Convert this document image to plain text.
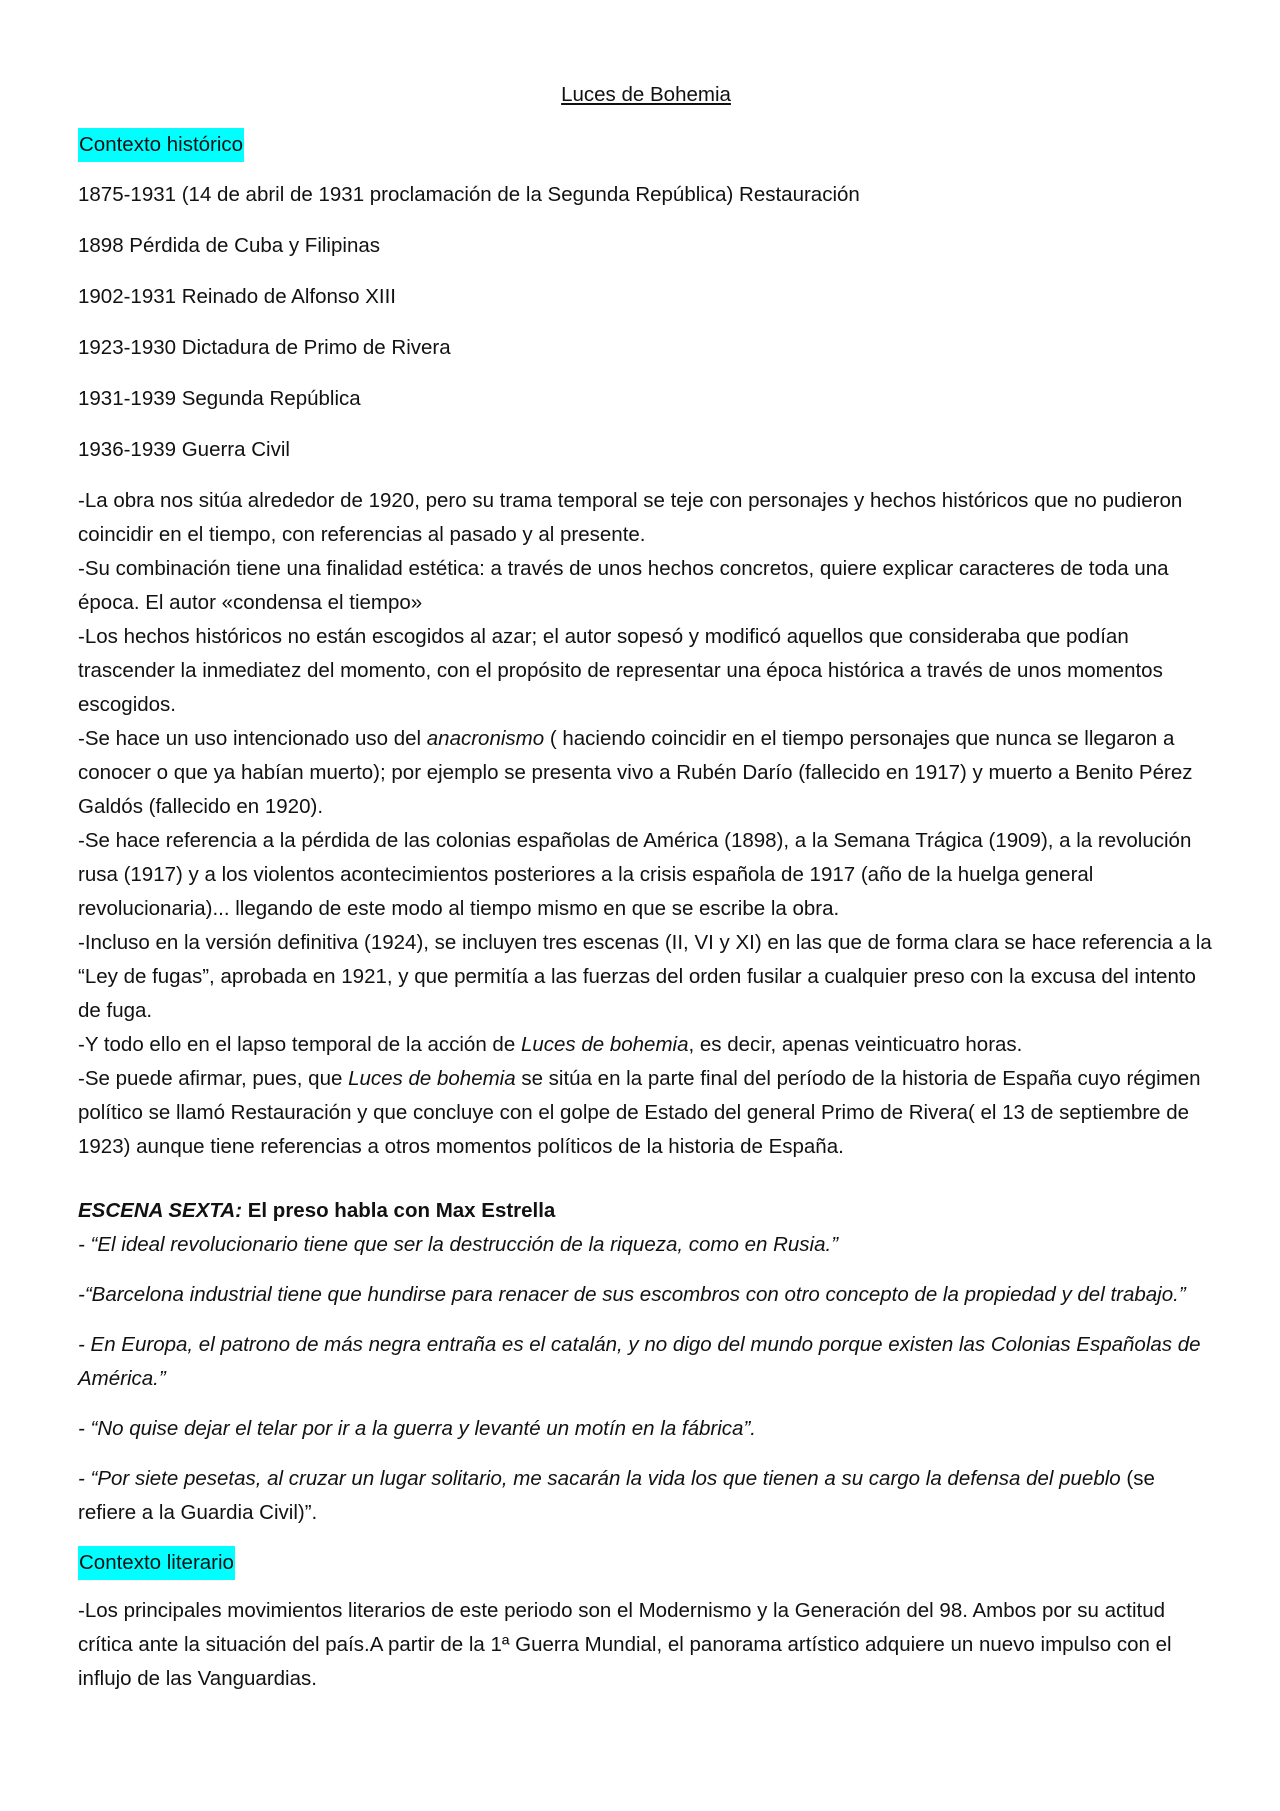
Luces de Bohemia
Contexto histórico
1875-1931 (14 de abril de 1931 proclamación de la Segunda República) Restauración
1898 Pérdida de Cuba y Filipinas
1902-1931 Reinado de Alfonso XIII
1923-1930 Dictadura de Primo de Rivera
1931-1939 Segunda República
1936-1939 Guerra Civil

-La obra nos sitúa alrededor de 1920, pero su trama temporal se teje con personajes y hechos históricos que no pudieron coincidir en el tiempo, con referencias al pasado y al presente.

-Su combinación tiene una finalidad estética: a través de unos hechos concretos, quiere explicar caracteres de toda una época. El autor «condensa el tiempo»

-Los hechos históricos no están escogidos al azar; el autor sopesó y modificó aquellos que consideraba que podían trascender la inmediatez del momento, con el propósito de representar una época histórica a través de unos momentos escogidos.

-Se hace un uso intencionado uso del anacronismo ( haciendo coincidir en el tiempo personajes que nunca se llegaron a conocer o que ya habían muerto); por ejemplo se presenta vivo a Rubén Darío (fallecido en 1917) y muerto a Benito Pérez Galdós (fallecido en 1920).

-Se hace referencia a la pérdida de las colonias españolas de América (1898), a la Semana Trágica (1909), a la revolución rusa (1917) y a los violentos acontecimientos posteriores a la crisis española de 1917 (año de la huelga general revolucionaria)... llegando de este modo al tiempo mismo en que se escribe la obra.

-Incluso en la versión definitiva (1924), se incluyen tres escenas (II, VI y XI) en las que de forma clara se hace referencia a la “Ley de fugas”, aprobada en 1921, y que permitía a las fuerzas del orden fusilar a cualquier preso con la excusa del intento de fuga.

-Y todo ello en el lapso temporal de la acción de Luces de bohemia, es decir, apenas veinticuatro horas.

-Se puede afirmar, pues, que Luces de bohemia se sitúa en la parte final del período de la historia de España cuyo régimen político se llamó Restauración y que concluye con el golpe de Estado del general Primo de Rivera( el 13 de septiembre de 1923) aunque tiene referencias a otros momentos políticos de la historia de España.

ESCENA SEXTA: El preso habla con Max Estrella
- “El ideal revolucionario tiene que ser la destrucción de la riqueza, como en Rusia.”
-“Barcelona industrial tiene que hundirse para renacer de sus escombros con otro concepto de la propiedad y del trabajo.”
- En Europa, el patrono de más negra entraña es el catalán, y no digo del mundo porque existen las Colonias Españolas de América.”
- “No quise dejar el telar por ir a la guerra y levanté un motín en la fábrica”.
- “Por siete pesetas, al cruzar un lugar solitario, me sacarán la vida los que tienen a su cargo la defensa del pueblo (se refiere a la Guardia Civil)”.
Contexto literario

-Los principales movimientos literarios de este periodo son el Modernismo y la Generación del 98. Ambos por su actitud crítica ante la situación del país.A partir de la 1ª Guerra Mundial, el panorama artístico adquiere un nuevo impulso con el influjo de las Vanguardias.
